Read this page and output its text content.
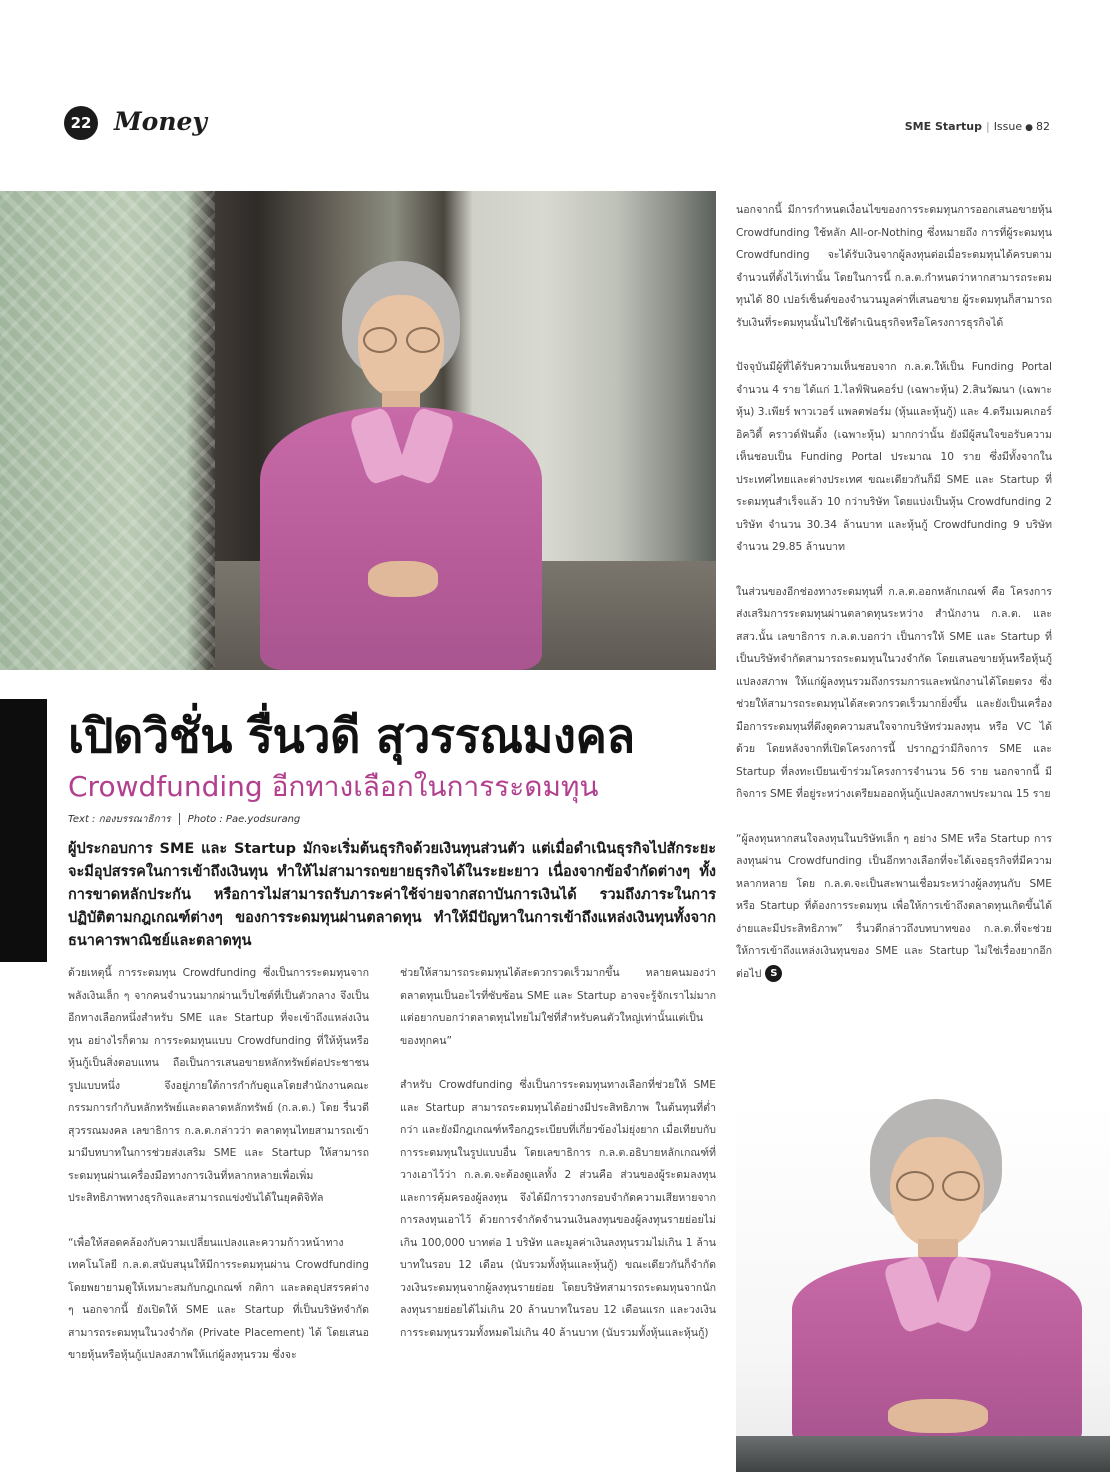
22 Money	SME Startup | Issue ● 82
เปิดวิชั่น รื่นวดี สุวรรณมงคล
Crowdfunding อีกทางเลือกในการระดมทุน
Text : กองบรรณาธิการ Photo : Pae.yodsurang
ผู้ประกอบการ SME และ Startup มักจะเริ่มต้นธุรกิจด้วยเงินทุนส่วนตัว แต่เมื่อดำเนินธุรกิจไปสักระยะจะมีอุปสรรคในการเข้าถึงเงินทุน ทำให้ไม่สามารถขยายธุรกิจได้ในระยะยาว เนื่องจากข้อจำกัดต่างๆ ทั้งการขาดหลักประกัน หรือการไม่สามารถรับภาระค่าใช้จ่ายจากสถาบันการเงินได้ รวมถึงภาระในการปฏิบัติตามกฎเกณฑ์ต่างๆ ของการระดมทุนผ่านตลาดทุน ทำให้มีปัญหาในการเข้าถึงแหล่งเงินทุนทั้งจากธนาคารพาณิชย์และตลาดทุน

ด้วยเหตุนี้ การระดมทุน Crowdfunding ซึ่งเป็นการระดมทุนจากพลังเงินเล็ก ๆ จากคนจำนวนมากผ่านเว็บไซต์ที่เป็นตัวกลาง จึงเป็นอีกทางเลือกหนึ่งสำหรับ SME และ Startup ที่จะเข้าถึงแหล่งเงินทุน อย่างไรก็ตาม การระดมทุนแบบ Crowdfunding ที่ให้หุ้นหรือหุ้นกู้เป็นสิ่งตอบแทน ถือเป็นการเสนอขายหลักทรัพย์ต่อประชาชนรูปแบบหนึ่ง จึงอยู่ภายใต้การกำกับดูแลโดยสำนักงานคณะกรรมการกำกับหลักทรัพย์และตลาดหลักทรัพย์ (ก.ล.ต.) โดย รื่นวดี สุวรรณมงคล เลขาธิการ ก.ล.ต.กล่าวว่า ตลาดทุนไทยสามารถเข้ามามีบทบาทในการช่วยส่งเสริม SME และ Startup ให้สามารถระดมทุนผ่านเครื่องมือทางการเงินที่หลากหลายเพื่อเพิ่มประสิทธิภาพทางธุรกิจและสามารถแข่งขันได้ในยุคดิจิทัล

“เพื่อให้สอดคล้องกับความเปลี่ยนแปลงและความก้าวหน้าทางเทคโนโลยี ก.ล.ต.สนับสนุนให้มีการระดมทุนผ่าน Crowdfunding โดยพยายามดูให้เหมาะสมกับกฎเกณฑ์ กติกา และลดอุปสรรคต่าง ๆ นอกจากนี้ ยังเปิดให้ SME และ Startup ที่เป็นบริษัทจำกัดสามารถระดมทุนในวงจำกัด (Private Placement) ได้ โดยเสนอขายหุ้นหรือหุ้นกู้แปลงสภาพให้แก่ผู้ลงทุนรวม ซึ่งจะ

ช่วยให้สามารถระดมทุนได้สะดวกรวดเร็วมากขึ้น หลายคนมองว่าตลาดทุนเป็นอะไรที่ซับซ้อน SME และ Startup อาจจะรู้จักเราไม่มาก แต่อยากบอกว่าตลาดทุนไทยไม่ใช่ที่สำหรับคนตัวใหญ่เท่านั้นแต่เป็นของทุกคน”

สำหรับ Crowdfunding ซึ่งเป็นการระดมทุนทางเลือกที่ช่วยให้ SME และ Startup สามารถระดมทุนได้อย่างมีประสิทธิภาพ ในต้นทุนที่ต่ำกว่า และยังมีกฎเกณฑ์หรือกฎระเบียบที่เกี่ยวข้องไม่ยุ่งยาก เมื่อเทียบกับการระดมทุนในรูปแบบอื่น โดยเลขาธิการ ก.ล.ต.อธิบายหลักเกณฑ์ที่วางเอาไว้ว่า ก.ล.ต.จะต้องดูแลทั้ง 2 ส่วนคือ ส่วนของผู้ระดมลงทุน และการคุ้มครองผู้ลงทุน จึงได้มีการวางกรอบจำกัดความเสียหายจากการลงทุนเอาไว้ ด้วยการจำกัดจำนวนเงินลงทุนของผู้ลงทุนรายย่อยไม่เกิน 100,000 บาทต่อ 1 บริษัท และมูลค่าเงินลงทุนรวมไม่เกิน 1 ล้านบาทในรอบ 12 เดือน (นับรวมทั้งหุ้นและหุ้นกู้) ขณะเดียวกันก็จำกัดวงเงินระดมทุนจากผู้ลงทุนรายย่อย โดยบริษัทสามารถระดมทุนจากนักลงทุนรายย่อยได้ไม่เกิน 20 ล้านบาทในรอบ 12 เดือนแรก และวงเงินการระดมทุนรวมทั้งหมดไม่เกิน 40 ล้านบาท (นับรวมทั้งหุ้นและหุ้นกู้)

นอกจากนี้ มีการกำหนดเงื่อนไขของการระดมทุนการออกเสนอขายหุ้น Crowdfunding ใช้หลัก All-or-Nothing ซึ่งหมายถึง การที่ผู้ระดมทุน Crowdfunding จะได้รับเงินจากผู้ลงทุนต่อเมื่อระดมทุนได้ครบตามจำนวนที่ตั้งไว้เท่านั้น โดยในการนี้ ก.ล.ต.กำหนดว่าหากสามารถระดมทุนได้ 80 เปอร์เซ็นต์ของจำนวนมูลค่าที่เสนอขาย ผู้ระดมทุนก็สามารถรับเงินที่ระดมทุนนั้นไปใช้ดำเนินธุรกิจหรือโครงการธุรกิจได้

ปัจจุบันมีผู้ที่ได้รับความเห็นชอบจาก ก.ล.ต.ให้เป็น Funding Portal จำนวน 4 ราย ได้แก่ 1.ไลฟ์ฟินคอร์ป (เฉพาะหุ้น) 2.สินวัฒนา (เฉพาะหุ้น) 3.เพียร์ พาวเวอร์ แพลตฟอร์ม (หุ้นและหุ้นกู้) และ 4.ดรีมเมคเกอร์ อิควิตี้ คราวด์ฟันดิ้ง (เฉพาะหุ้น) มากกว่านั้น ยังมีผู้สนใจขอรับความเห็นชอบเป็น Funding Portal ประมาณ 10 ราย ซึ่งมีทั้งจากในประเทศไทยและต่างประเทศ ขณะเดียวกันก็มี SME และ Startup ที่ระดมทุนสำเร็จแล้ว 10 กว่าบริษัท โดยแบ่งเป็นหุ้น Crowdfunding 2 บริษัท จำนวน 30.34 ล้านบาท และหุ้นกู้ Crowdfunding 9 บริษัท จำนวน 29.85 ล้านบาท

ในส่วนของอีกช่องทางระดมทุนที่ ก.ล.ต.ออกหลักเกณฑ์ คือ โครงการส่งเสริมการระดมทุนผ่านตลาดทุนระหว่าง สำนักงาน ก.ล.ต. และ สสว.นั้น เลขาธิการ ก.ล.ต.บอกว่า เป็นการให้ SME และ Startup ที่เป็นบริษัทจำกัดสามารถระดมทุนในวงจำกัด โดยเสนอขายหุ้นหรือหุ้นกู้แปลงสภาพ ให้แก่ผู้ลงทุนรวมถึงกรรมการและพนักงานได้โดยตรง ซึ่งช่วยให้สามารถระดมทุนได้สะดวกรวดเร็วมากยิ่งขึ้น และยังเป็นเครื่องมือการระดมทุนที่ดึงดูดความสนใจจากบริษัทร่วมลงทุน หรือ VC ได้ด้วย โดยหลังจากที่เปิดโครงการนี้ ปรากฏว่ามีกิจการ SME และ Startup ที่ลงทะเบียนเข้าร่วมโครงการจำนวน 56 ราย นอกจากนี้ มีกิจการ SME ที่อยู่ระหว่างเตรียมออกหุ้นกู้แปลงสภาพประมาณ 15 ราย

“ผู้ลงทุนหากสนใจลงทุนในบริษัทเล็ก ๆ อย่าง SME หรือ Startup การลงทุนผ่าน Crowdfunding เป็นอีกทางเลือกที่จะได้เจอธุรกิจที่มีความหลากหลาย โดย ก.ล.ต.จะเป็นสะพานเชื่อมระหว่างผู้ลงทุนกับ SME หรือ Startup ที่ต้องการระดมทุน เพื่อให้การเข้าถึงตลาดทุนเกิดขึ้นได้ง่ายและมีประสิทธิภาพ” รื่นวดีกล่าวถึงบทบาทของ ก.ล.ต.ที่จะช่วยให้การเข้าถึงแหล่งเงินทุนของ SME และ Startup ไม่ใช่เรื่องยากอีกต่อไป S
